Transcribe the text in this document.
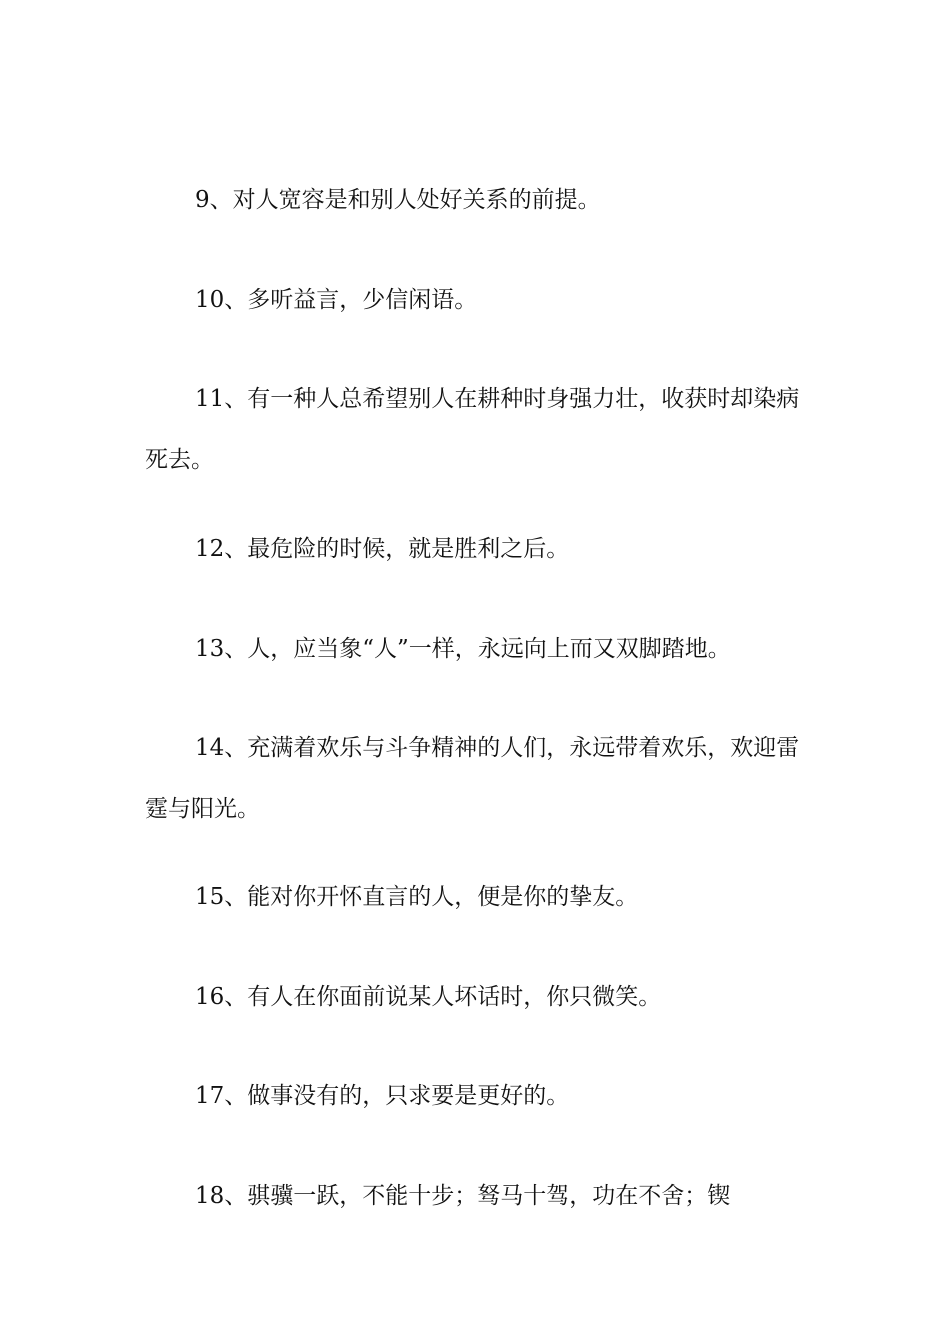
9、对人宽容是和别人处好关系的前提。

10、多听益言，少信闲语。

11、有一种人总希望别人在耕种时身强力壮，收获时却染病死去。

12、最危险的时候，就是胜利之后。

13、人，应当象“人”一样，永远向上而又双脚踏地。

14、充满着欢乐与斗争精神的人们，永远带着欢乐，欢迎雷霆与阳光。

15、能对你开怀直言的人，便是你的挚友。

16、有人在你面前说某人坏话时，你只微笑。

17、做事没有的，只求要是更好的。

18、骐骥一跃，不能十步；驽马十驾，功在不舍；锲
